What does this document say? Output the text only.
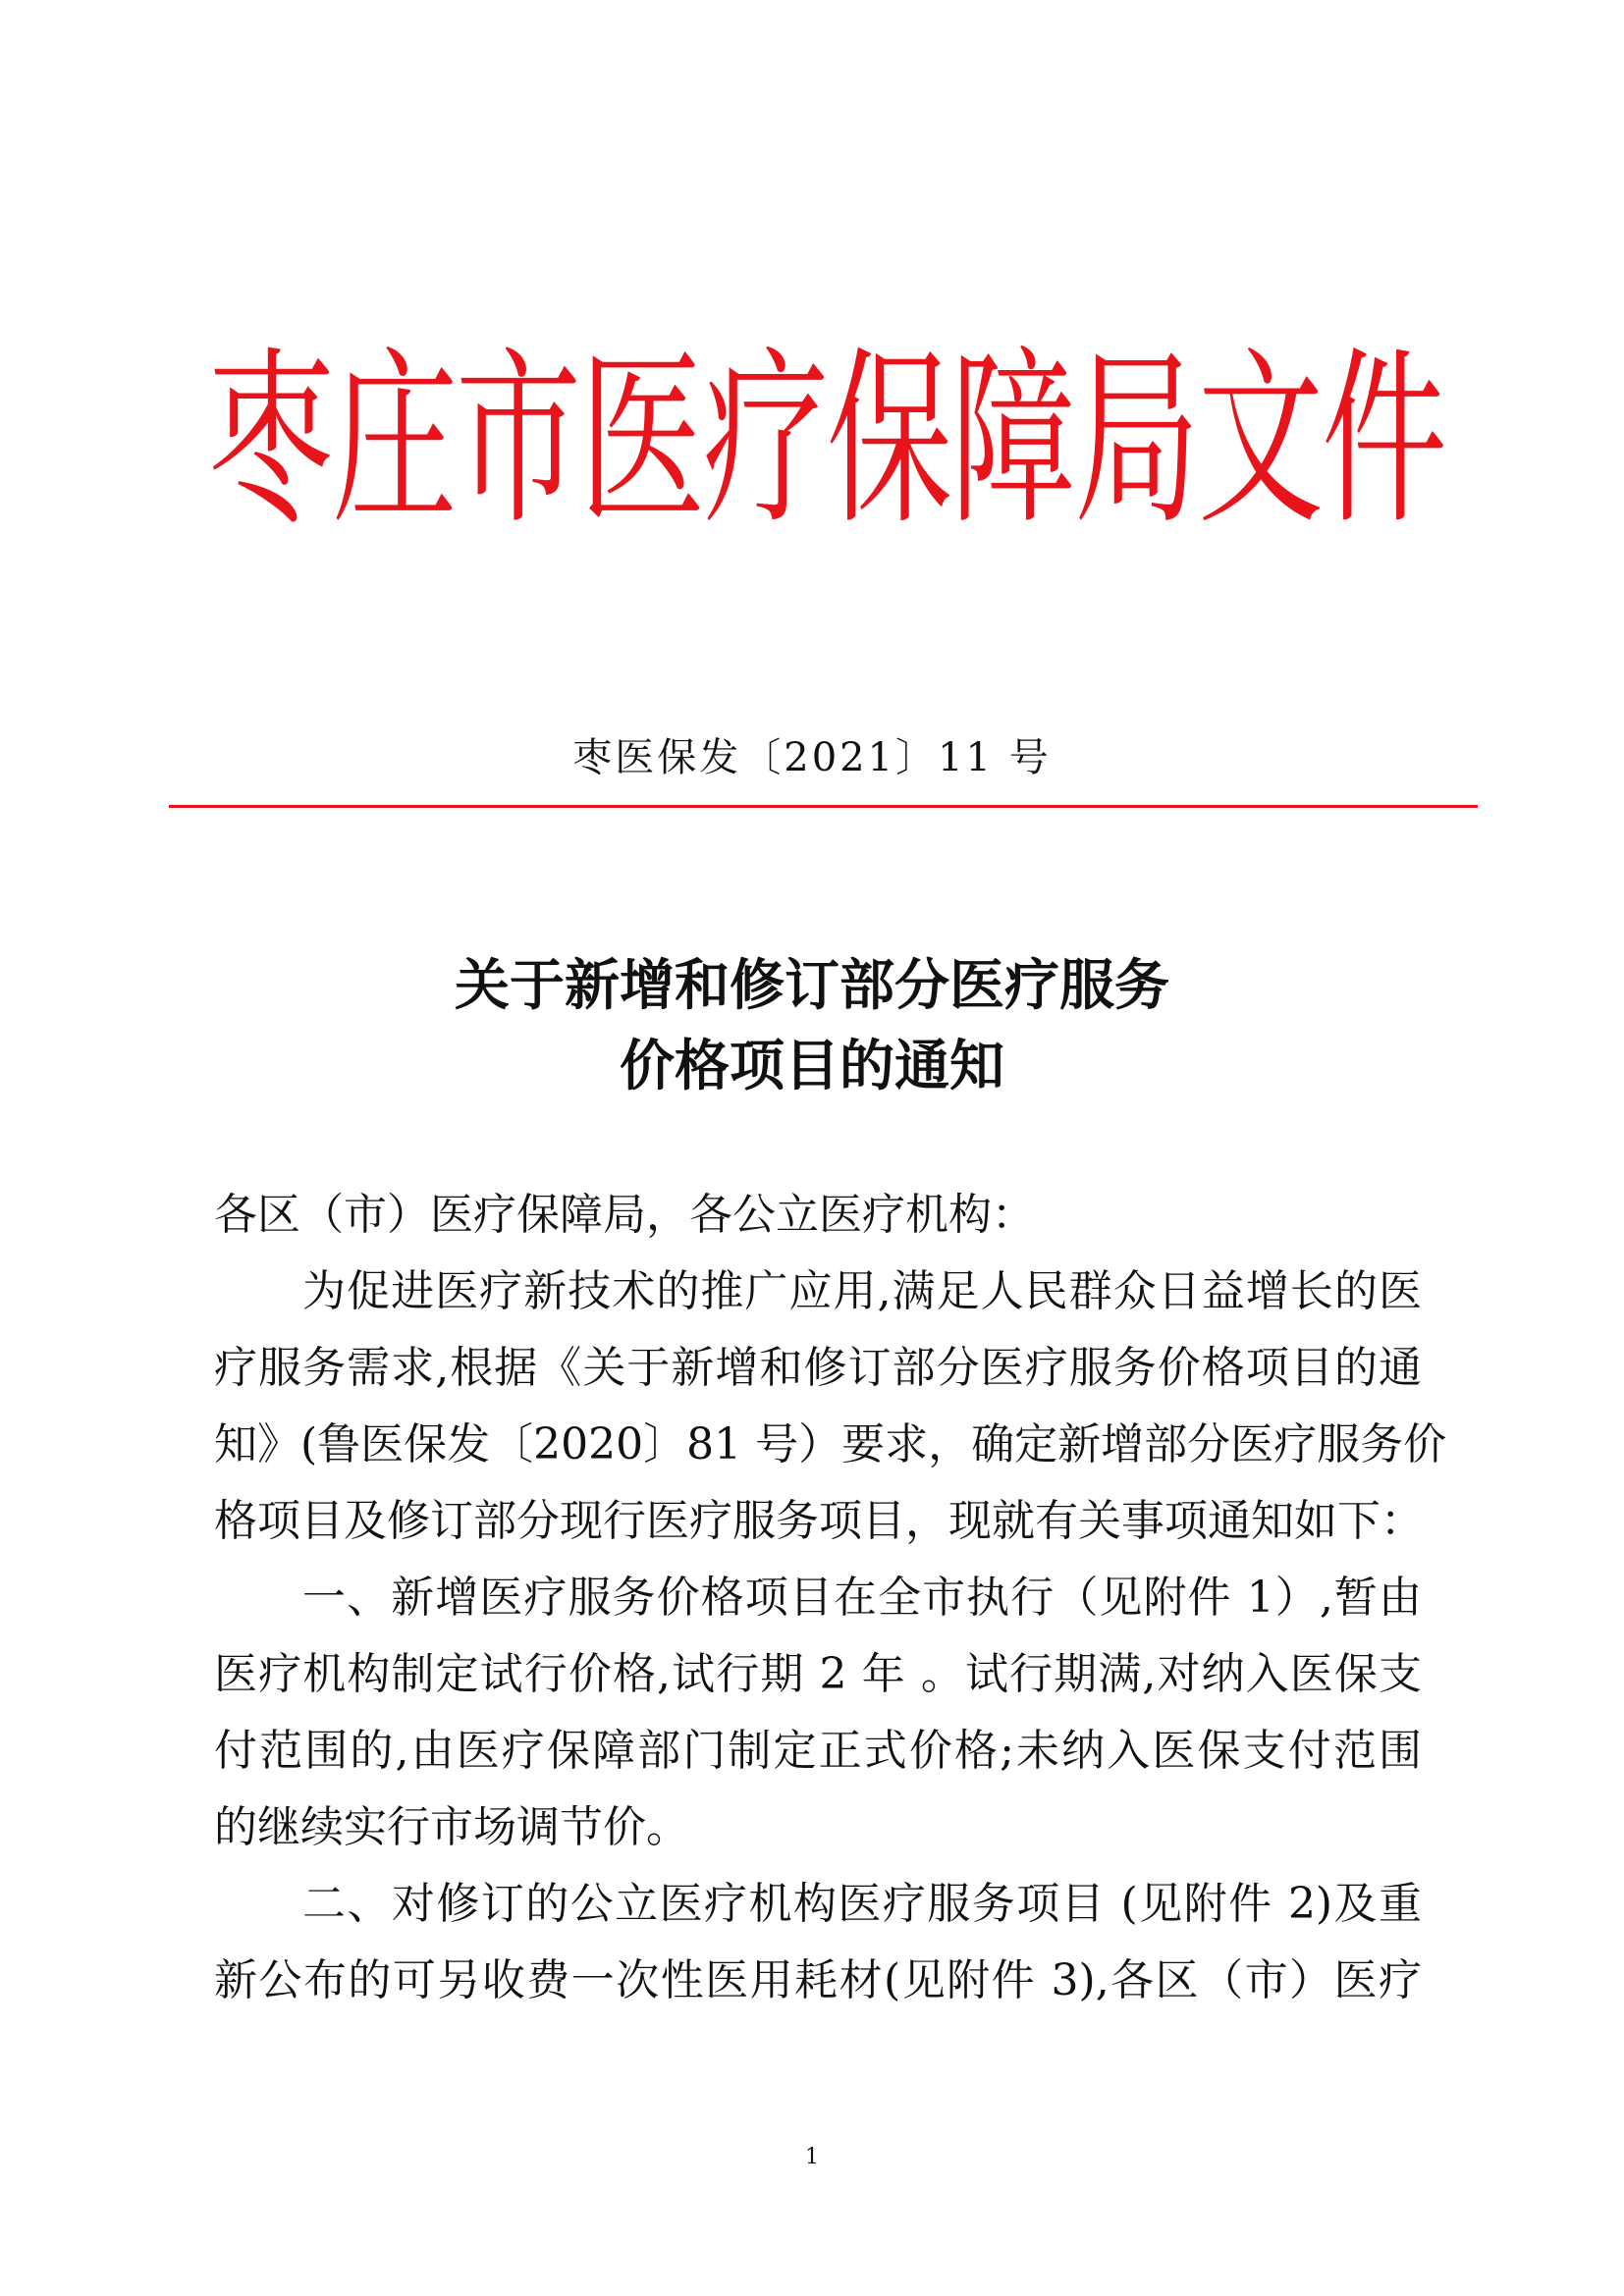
枣庄市医疗保障局文件
枣医保发〔2021〕11 号
关于新增和修订部分医疗服务
价格项目的通知
各区（市）医疗保障局，各公立医疗机构：
为促进医疗新技术的推广应用,满足人民群众日益增长的医
疗服务需求,根据《关于新增和修订部分医疗服务价格项目的通
知》(鲁医保发〔2020〕81 号）要求，确定新增部分医疗服务价
格项目及修订部分现行医疗服务项目，现就有关事项通知如下：
一、新增医疗服务价格项目在全市执行（见附件 1）,暂由
医疗机构制定试行价格,试行期 2 年 。试行期满,对纳入医保支
付范围的,由医疗保障部门制定正式价格;未纳入医保支付范围
的继续实行市场调节价。
二、对修订的公立医疗机构医疗服务项目 (见附件 2)及重
新公布的可另收费一次性医用耗材(见附件 3),各区（市）医疗
1
